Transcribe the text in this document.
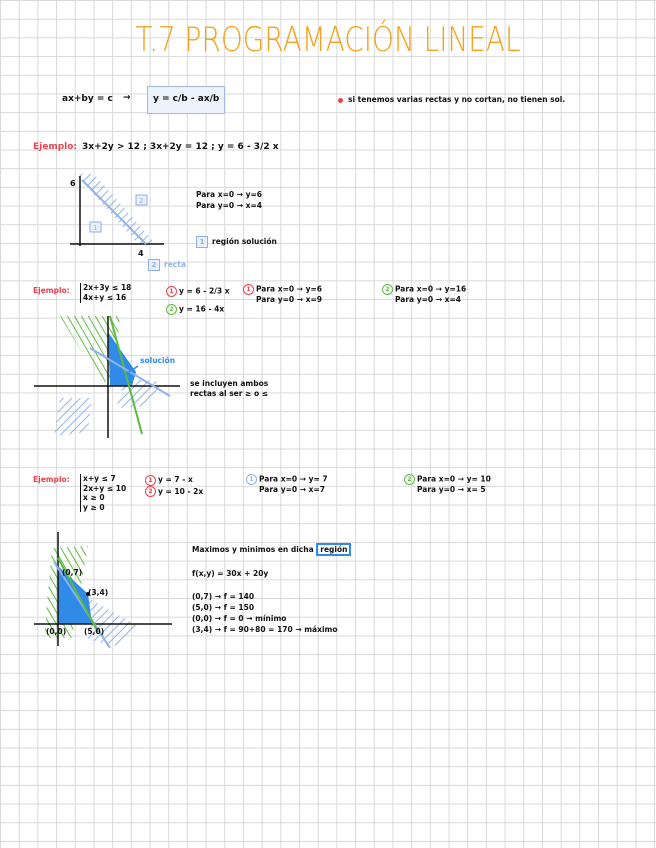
T.7 PROGRAMACIÓN LINEAL
ax+by = c → y = c/b - ax/b	si tenemos varias rectas y no cortan, no tienen sol.
Ejemplo: 3x+2y > 12 ; 3x+2y = 12 ; y = 6 - 3/2 x
1
2
6
4
Para x=0 → y=6
Para y=0 → x=4
1 región solución
2 recta
Ejemplo: 2x+3y ≤ 18
4x+y ≤ 16
1 y = 6 - 2/3 x
2 y = 16 - 4x
1 Para x=0 → y=6
Para y=0 → x=9
2 Para x=0 → y=16
Para y=0 → x=4
solución
se incluyen ambos
rectas al ser ≥ o ≤
Ejemplo: x+y ≤ 7
2x+y ≤ 10
x ≥ 0
y ≥ 0
1 y = 7 - x
2 y = 10 - 2x
1 Para x=0 → y= 7
Para y=0 → x=7
2 Para x=0 → y= 10
Para y=0 → x= 5
(0,7)
(3,4)
(0,0) (5,0)
Maximos y minimos en dicha región
f(x,y) = 30x + 20y
(0,7) → f = 140
(5,0) → f = 150
(0,0) → f = 0 → mínimo
(3,4) → f = 90+80 = 170 → máximo
